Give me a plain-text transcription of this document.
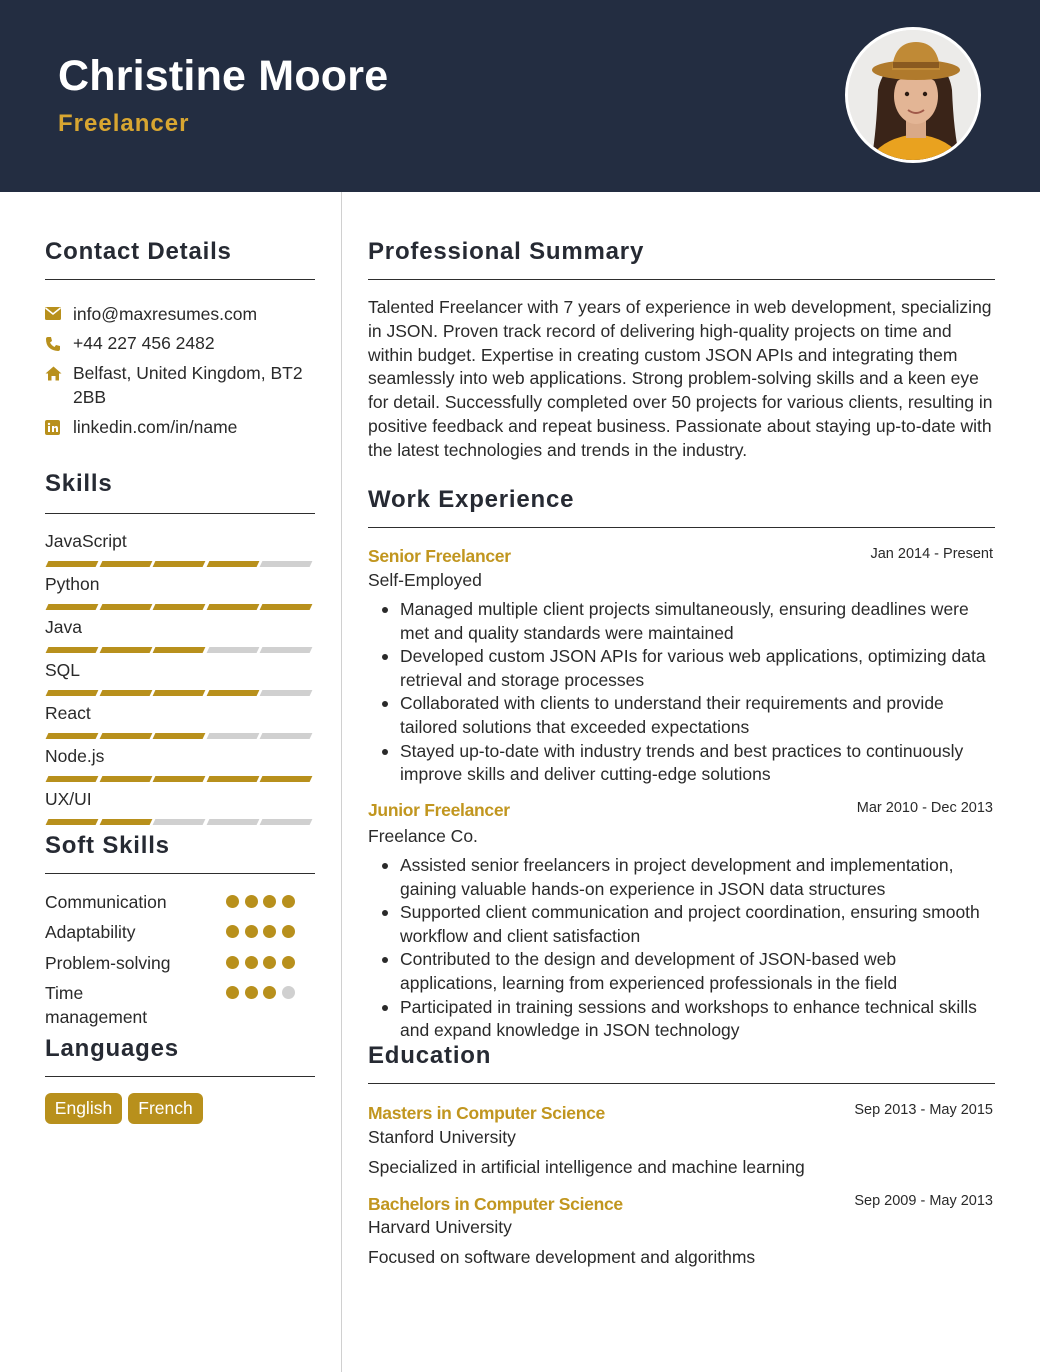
Christine Moore
Freelancer
Contact Details
info@maxresumes.com
+44 227 456 2482
Belfast, United Kingdom, BT2 2BB
linkedin.com/in/name
Skills
JavaScript
Python
Java
SQL
React
Node.js
UX/UI
Soft Skills
Communication
Adaptability
Problem-solving
Time management
Languages
English	French
Professional Summary
Talented Freelancer with 7 years of experience in web development, specializing in JSON. Proven track record of delivering high-quality projects on time and within budget. Expertise in creating custom JSON APIs and integrating them seamlessly into web applications. Strong problem-solving skills and a keen eye for detail. Successfully completed over 50 projects for various clients, resulting in positive feedback and repeat business. Passionate about staying up-to-date with the latest technologies and trends in the industry.
Work Experience
Senior Freelancer	Jan 2014 - Present
Self-Employed
Managed multiple client projects simultaneously, ensuring deadlines were met and quality standards were maintained
Developed custom JSON APIs for various web applications, optimizing data retrieval and storage processes
Collaborated with clients to understand their requirements and provide tailored solutions that exceeded expectations
Stayed up-to-date with industry trends and best practices to continuously improve skills and deliver cutting-edge solutions
Junior Freelancer	Mar 2010 - Dec 2013
Freelance Co.
Assisted senior freelancers in project development and implementation, gaining valuable hands-on experience in JSON data structures
Supported client communication and project coordination, ensuring smooth workflow and client satisfaction
Contributed to the design and development of JSON-based web applications, learning from experienced professionals in the field
Participated in training sessions and workshops to enhance technical skills and expand knowledge in JSON technology
Education
Masters in Computer Science	Sep 2013 - May 2015
Stanford University
Specialized in artificial intelligence and machine learning
Bachelors in Computer Science	Sep 2009 - May 2013
Harvard University
Focused on software development and algorithms
